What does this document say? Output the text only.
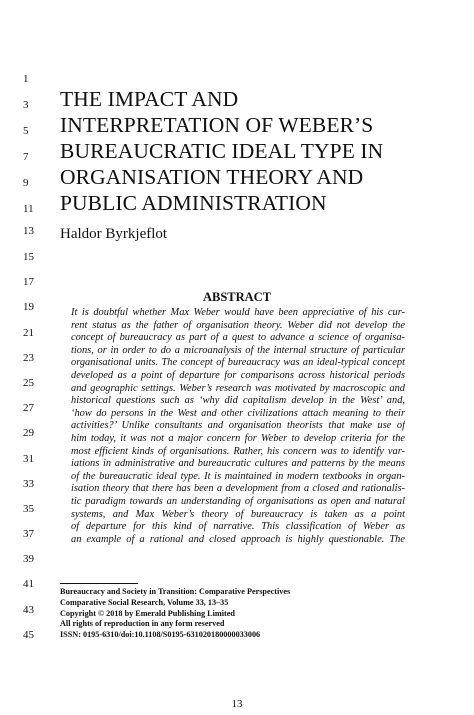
1
3
5
7
9
11
13
15
17
19
21
23
25
27
29
31
33
35
37
39
41
43
45
THE IMPACT AND
INTERPRETATION OF WEBER’S
BUREAUCRATIC IDEAL TYPE IN
ORGANISATION THEORY AND
PUBLIC ADMINISTRATION
Haldor Byrkjeflot
ABSTRACT
It is doubtful whether Max Weber would have been appreciative of his cur-
rent status as the father of organisation theory. Weber did not develop the
concept of bureaucracy as part of a quest to advance a science of organisa-
tions, or in order to do a microanalysis of the internal structure of particular
organisational units. The concept of bureaucracy was an ideal-typical concept
developed as a point of departure for comparisons across historical periods
and geographic settings. Weber’s research was motivated by macroscopic and
historical questions such as ‘why did capitalism develop in the West’ and,
‘how do persons in the West and other civilizations attach meaning to their
activities?’ Unlike consultants and organisation theorists that make use of
him today, it was not a major concern for Weber to develop criteria for the
most efficient kinds of organisations. Rather, his concern was to identify var-
iations in administrative and bureaucratic cultures and patterns by the means
of the bureaucratic ideal type. It is maintained in modern textbooks in organ-
isation theory that there has been a development from a closed and rationalis-
tic paradigm towards an understanding of organisations as open and natural
systems, and Max Weber’s theory of bureaucracy is taken as a point
of departure for this kind of narrative. This classification of Weber as
an example of a rational and closed approach is highly questionable. The
Bureaucracy and Society in Transition: Comparative Perspectives
Comparative Social Research, Volume 33, 13–35
Copyright © 2018 by Emerald Publishing Limited
All rights of reproduction in any form reserved
ISSN: 0195-6310/doi:10.1108/S0195-631020180000033006
13
